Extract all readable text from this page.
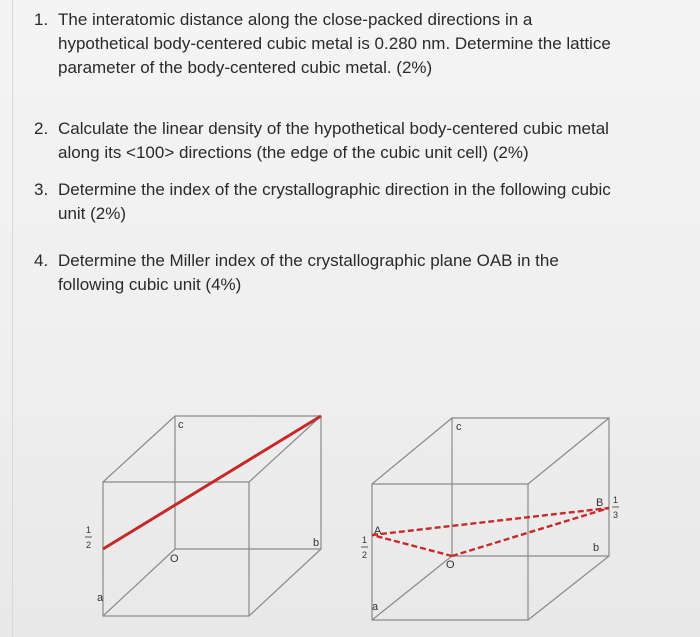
1. The interatomic distance along the close-packed directions in a
hypothetical body-centered cubic metal is 0.280 nm. Determine the lattice
parameter of the body-centered cubic metal. (2%)
2. Calculate the linear density of the hypothetical body-centered cubic metal
along its <100> directions (the edge of the cubic unit cell) (2%)
3. Determine the index of the crystallographic direction in the following cubic
unit (2%)
4. Determine the Miller index of the crystallographic plane OAB in the
following cubic unit (4%)
c
b
a
O
1
2
c
b
a
O
A
B
1
2
1
3
